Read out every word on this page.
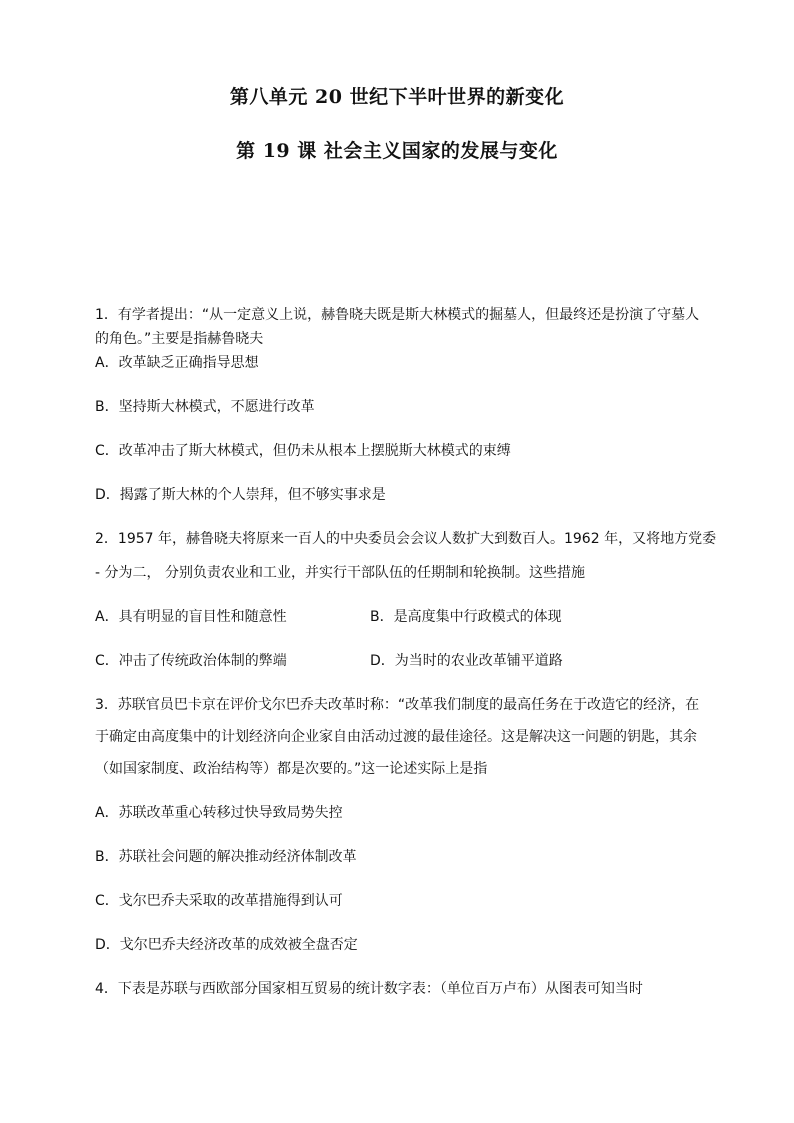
第八单元 20 世纪下半叶世界的新变化
第 19 课 社会主义国家的发展与变化
1．有学者提出：“从一定意义上说，赫鲁晓夫既是斯大林模式的掘墓人，但最终还是扮演了守墓人
的角色。”主要是指赫鲁晓夫
A．改革缺乏正确指导思想
B．坚持斯大林模式，不愿进行改革
C．改革冲击了斯大林模式，但仍未从根本上摆脱斯大林模式的束缚
D．揭露了斯大林的个人崇拜，但不够实事求是
2．1957 年，赫鲁晓夫将原来一百人的中央委员会会议人数扩大到数百人。1962 年，又将地方党委
- 分为二， 分别负责农业和工业，并实行干部队伍的任期制和轮换制。这些措施
A．具有明显的盲目性和随意性	B．是高度集中行政模式的体现
C．冲击了传统政治体制的弊端	D．为当时的农业改革铺平道路
3．苏联官员巴卡京在评价戈尔巴乔夫改革时称：“改革我们制度的最高任务在于改造它的经济，在
于确定由高度集中的计划经济向企业家自由活动过渡的最佳途径。这是解决这一问题的钥匙，其余
（如国家制度、政治结构等）都是次要的。”这一论述实际上是指
A．苏联改革重心转移过快导致局势失控
B．苏联社会问题的解决推动经济体制改革
C．戈尔巴乔夫采取的改革措施得到认可
D．戈尔巴乔夫经济改革的成效被全盘否定
4．下表是苏联与西欧部分国家相互贸易的统计数字表：（单位百万卢布）从图表可知当时
